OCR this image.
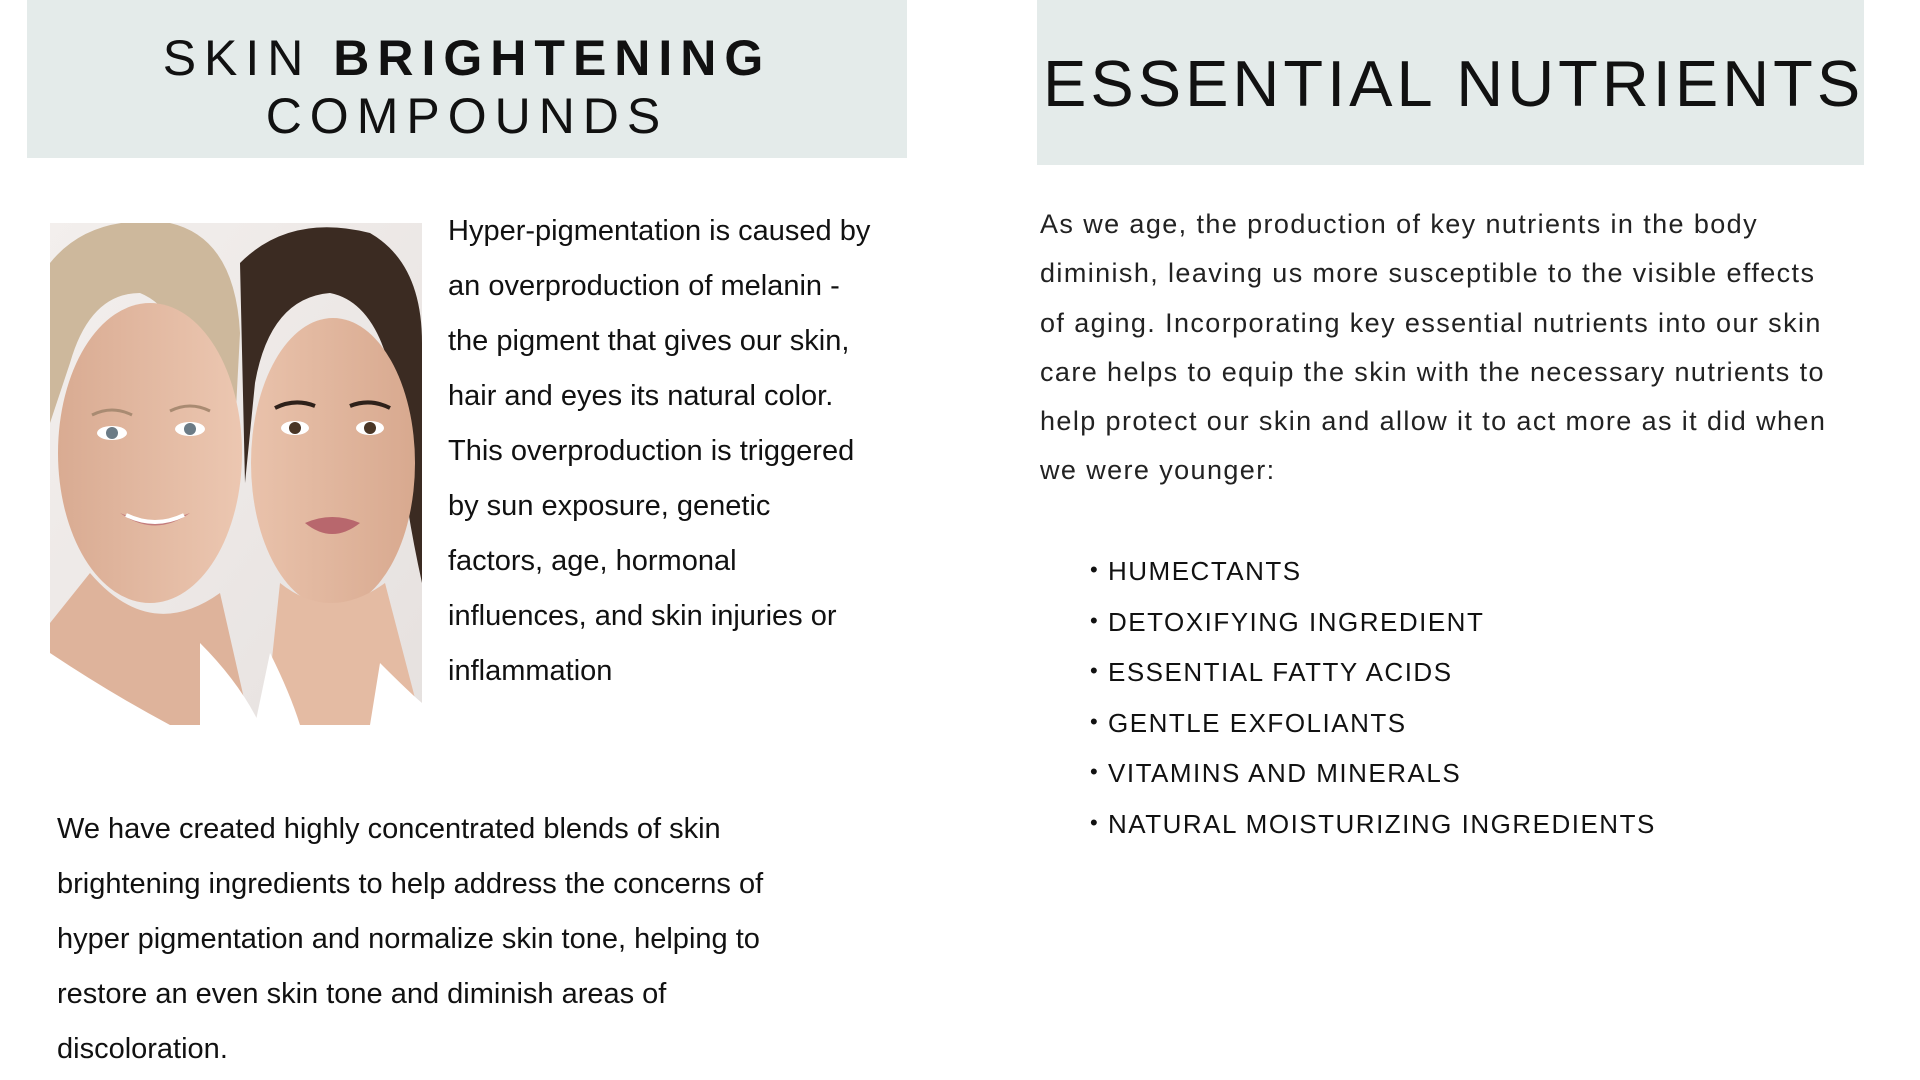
SKIN BRIGHTENING
COMPOUNDS
Hyper-pigmentation is caused by
an overproduction of melanin -
the pigment that gives our skin,
hair and eyes its natural color.
This overproduction is triggered
by sun exposure, genetic
factors, age, hormonal
influences, and skin injuries or
inflammation
We have created highly concentrated blends of skin
brightening ingredients to help address the concerns of
hyper pigmentation and normalize skin tone, helping to
restore an even skin tone and diminish areas of
discoloration.
ESSENTIAL NUTRIENTS
As we age, the production of key nutrients in the body
diminish, leaving us more susceptible to the visible effects
of aging. Incorporating key essential nutrients into our skin
care helps to equip the skin with the necessary nutrients to
help protect our skin and allow it to act more as it did when
we were younger:
• HUMECTANTS
• DETOXIFYING INGREDIENT
• ESSENTIAL FATTY ACIDS
• GENTLE EXFOLIANTS
• VITAMINS AND MINERALS
• NATURAL MOISTURIZING INGREDIENTS
